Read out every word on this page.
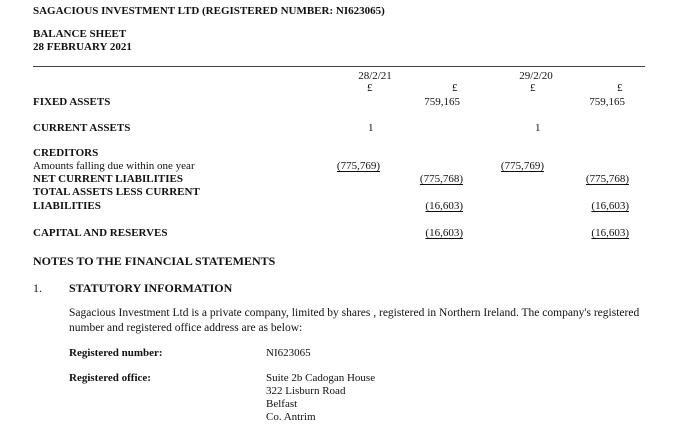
SAGACIOUS INVESTMENT LTD (REGISTERED NUMBER: NI623065)
BALANCE SHEET
28 FEBRUARY 2021
28/2/21	29/2/20
£	£	£	£
FIXED ASSETS	759,165	759,165
CURRENT ASSETS	1	1
CREDITORS
Amounts falling due within one year	(775,769)	(775,769)
NET CURRENT LIABILITIES	(775,768)	(775,768)
TOTAL ASSETS LESS CURRENT
LIABILITIES	(16,603)	(16,603)
CAPITAL AND RESERVES	(16,603)	(16,603)
NOTES TO THE FINANCIAL STATEMENTS
1. STATUTORY INFORMATION
Sagacious Investment Ltd is a private company, limited by shares , registered in Northern Ireland. The company's registered number and registered office address are as below:
Registered number:	NI623065
Registered office:	Suite 2b Cadogan House
322 Lisburn Road
Belfast
Co. Antrim
